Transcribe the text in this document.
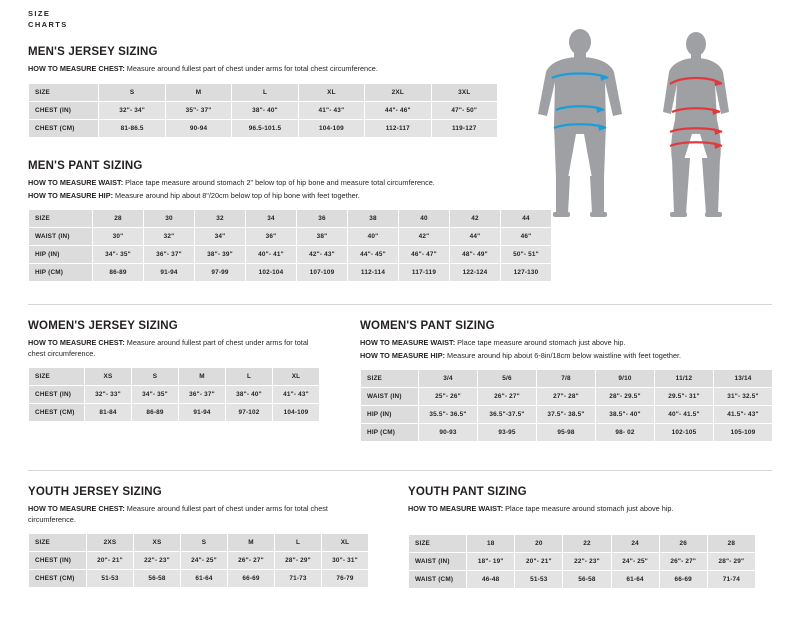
SIZE
CHARTS
MEN'S JERSEY SIZING

HOW TO MEASURE CHEST: Measure around fullest part of chest under arms for total chest circumference.

SIZE	S	M	L	XL	2XL	3XL
CHEST (IN)	32"- 34"	35"- 37"	38"- 40"	41"- 43"	44"- 46"	47"- 50"
CHEST (CM)	81-86.5	90-94	96.5-101.5	104-109	112-117	119-127
MEN'S PANT SIZING

HOW TO MEASURE WAIST: Place tape measure around stomach 2" below top of hip bone and measure total circumference.

HOW TO MEASURE HIP: Measure around hip about 8"/20cm below top of hip bone with feet together.

SIZE	28	30	32	34	36	38	40	42	44
WAIST (IN)	30"	32"	34"	36"	38"	40"	42"	44"	46"
HIP (IN)	34"- 35"	36"- 37"	38"- 39"	40"- 41"	42"- 43"	44"- 45"	46"- 47"	48"- 49"	50"- 51"
HIP (CM)	86-89	91-94	97-99	102-104	107-109	112-114	117-119	122-124	127-130
WOMEN'S JERSEY SIZING

HOW TO MEASURE CHEST: Measure around fullest part of chest under arms for total chest circumference.

SIZE	XS	S	M	L	XL
CHEST (IN)	32"- 33"	34"- 35"	36"- 37"	38"- 40"	41"- 43"
CHEST (CM)	81-84	86-89	91-94	97-102	104-109
WOMEN'S PANT SIZING

HOW TO MEASURE WAIST: Place tape measure around stomach just above hip.

HOW TO MEASURE HIP: Measure around hip about 6-8in/18cm below waistline with feet together.

SIZE	3/4	5/6	7/8	9/10	11/12	13/14
WAIST (IN)	25"- 26"	26"- 27"	27"- 28"	28"- 29.5"	29.5"- 31"	31"- 32.5"
HIP (IN)	35.5"- 36.5"	36.5"-37.5"	37.5"- 38.5"	38.5"- 40"	40"- 41.5"	41.5"- 43"
HIP (CM)	90-93	93-95	95-98	98- 02	102-105	105-109
YOUTH JERSEY SIZING

HOW TO MEASURE CHEST: Measure around fullest part of chest under arms for total chest circumference.

SIZE	2XS	XS	S	M	L	XL
CHEST (IN)	20"- 21"	22"- 23"	24"- 25"	26"- 27"	28"- 29"	30"- 31"
CHEST (CM)	51-53	56-58	61-64	66-69	71-73	76-79
YOUTH PANT SIZING

HOW TO MEASURE WAIST: Place tape measure around stomach just above hip.

SIZE	18	20	22	24	26	28
WAIST (IN)	18"- 19"	20"- 21"	22"- 23"	24"- 25"	26"- 27"	28"- 29"
WAIST (CM)	46-48	51-53	56-58	61-64	66-69	71-74
